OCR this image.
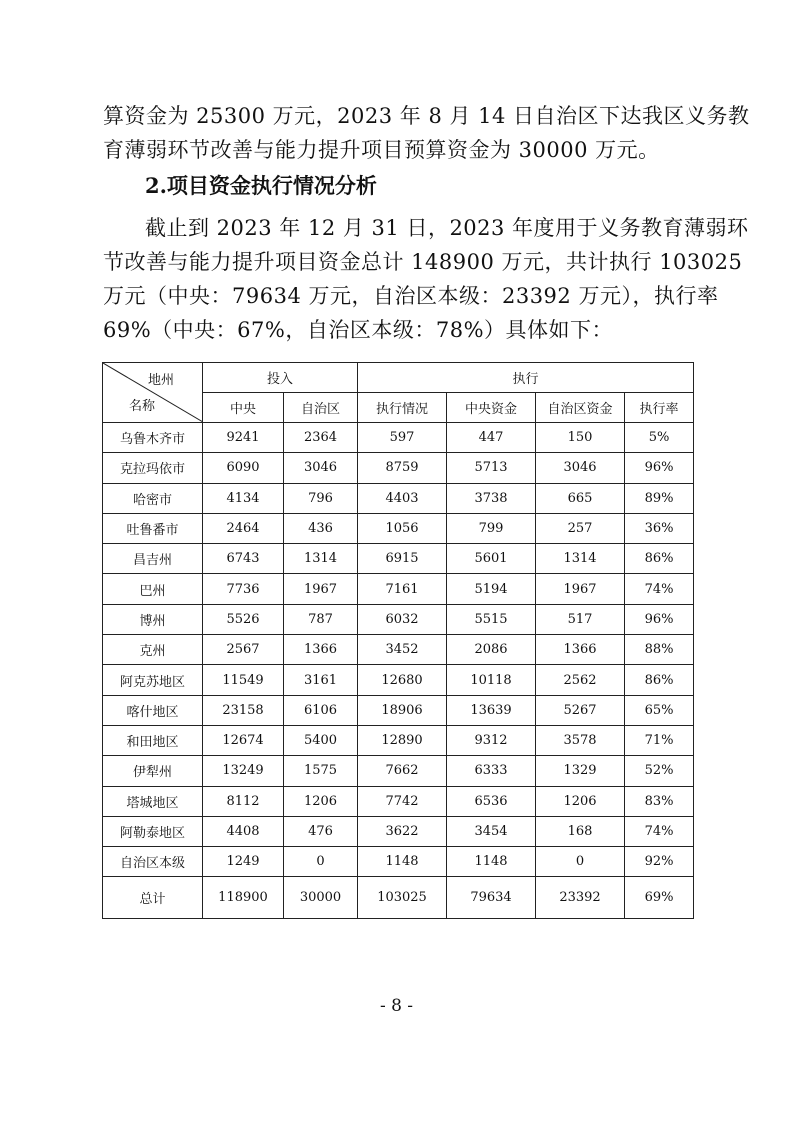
算资金为 25300 万元，2023 年 8 月 14 日自治区下达我区义务教
育薄弱环节改善与能力提升项目预算资金为 30000 万元。

2.项目资金执行情况分析

截止到 2023 年 12 月 31 日，2023 年度用于义务教育薄弱环
节改善与能力提升项目资金总计 148900 万元，共计执行 103025
万元（中央：79634 万元，自治区本级：23392 万元），执行率
69%（中央：67%，自治区本级：78%）具体如下：

地州
名称	投入		执行			
	中央	自治区	执行情况	中央资金	自治区资金	执行率
乌鲁木齐市	9241	2364	597	447	150	5%
克拉玛依市	6090	3046	8759	5713	3046	96%
哈密市	4134	796	4403	3738	665	89%
吐鲁番市	2464	436	1056	799	257	36%
昌吉州	6743	1314	6915	5601	1314	86%
巴州	7736	1967	7161	5194	1967	74%
博州	5526	787	6032	5515	517	96%
克州	2567	1366	3452	2086	1366	88%
阿克苏地区	11549	3161	12680	10118	2562	86%
喀什地区	23158	6106	18906	13639	5267	65%
和田地区	12674	5400	12890	9312	3578	71%
伊犁州	13249	1575	7662	6333	1329	52%
塔城地区	8112	1206	7742	6536	1206	83%
阿勒泰地区	4408	476	3622	3454	168	74%
自治区本级	1249	0	1148	1148	0	92%
总计	118900	30000	103025	79634	23392	69%
- 8 -
